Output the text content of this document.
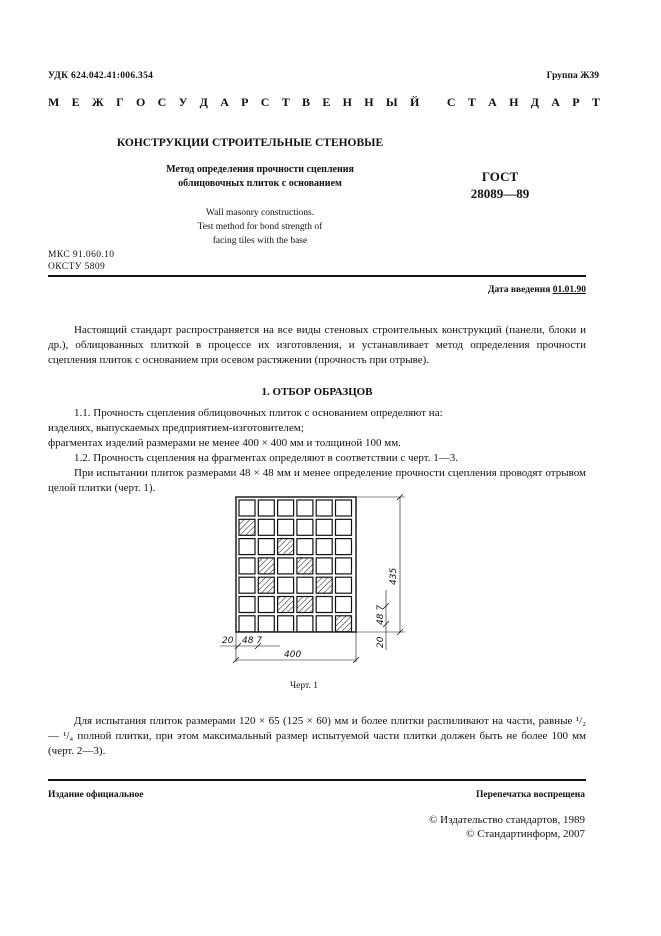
УДК 624.042.41:006.354	Группа Ж39
М Е Ж Г О С У Д А Р С Т В Е Н Н Ы Й
С Т А Н Д А Р Т
КОНСТРУКЦИИ СТРОИТЕЛЬНЫЕ СТЕНОВЫЕ
Метод определения прочности сцепления
облицовочных плиток с основанием	ГОСТ
28089—89
Wall masonry constructions.
Test method for bond strength of
facing tiles with the base
МКС 91.060.10
ОКСТУ 5809
Дата введения 01.01.90

Настоящий стандарт распространяется на все виды стеновых строительных конструкций (панели, блоки и др.), облицованных плиткой в процессе их изготовления, и устанавливает метод определения прочности сцепления плиток с основанием при осевом растяжении (прочность при отрыве).

1. ОТБОР ОБРАЗЦОВ

1.1. Прочность сцепления облицовочных плиток с основанием определяют на:

изделиях, выпускаемых предприятием-изготовителем;

фрагментах изделий размерами не менее 400 × 400 мм и толщиной 100 мм.

1.2. Прочность сцепления на фрагментах определяют в соответствии с черт. 1—3.

При испытании плиток размерами 48 × 48 мм и менее определение прочности сцепления проводят отрывом целой плитки (черт. 1).

435
48 7
20
20 48 7
400
Черт. 1

Для испытания плиток размерами 120 × 65 (125 × 60) мм и более плитки распиливают на части, равные ¹/₂ — ¹/₄ полной плитки, при этом максимальный размер испытуемой части плитки должен быть не более 100 мм (черт. 2—3).

Издание официальное	Перепечатка воспрещена
© Издательство стандартов, 1989
© Стандартинформ, 2007
